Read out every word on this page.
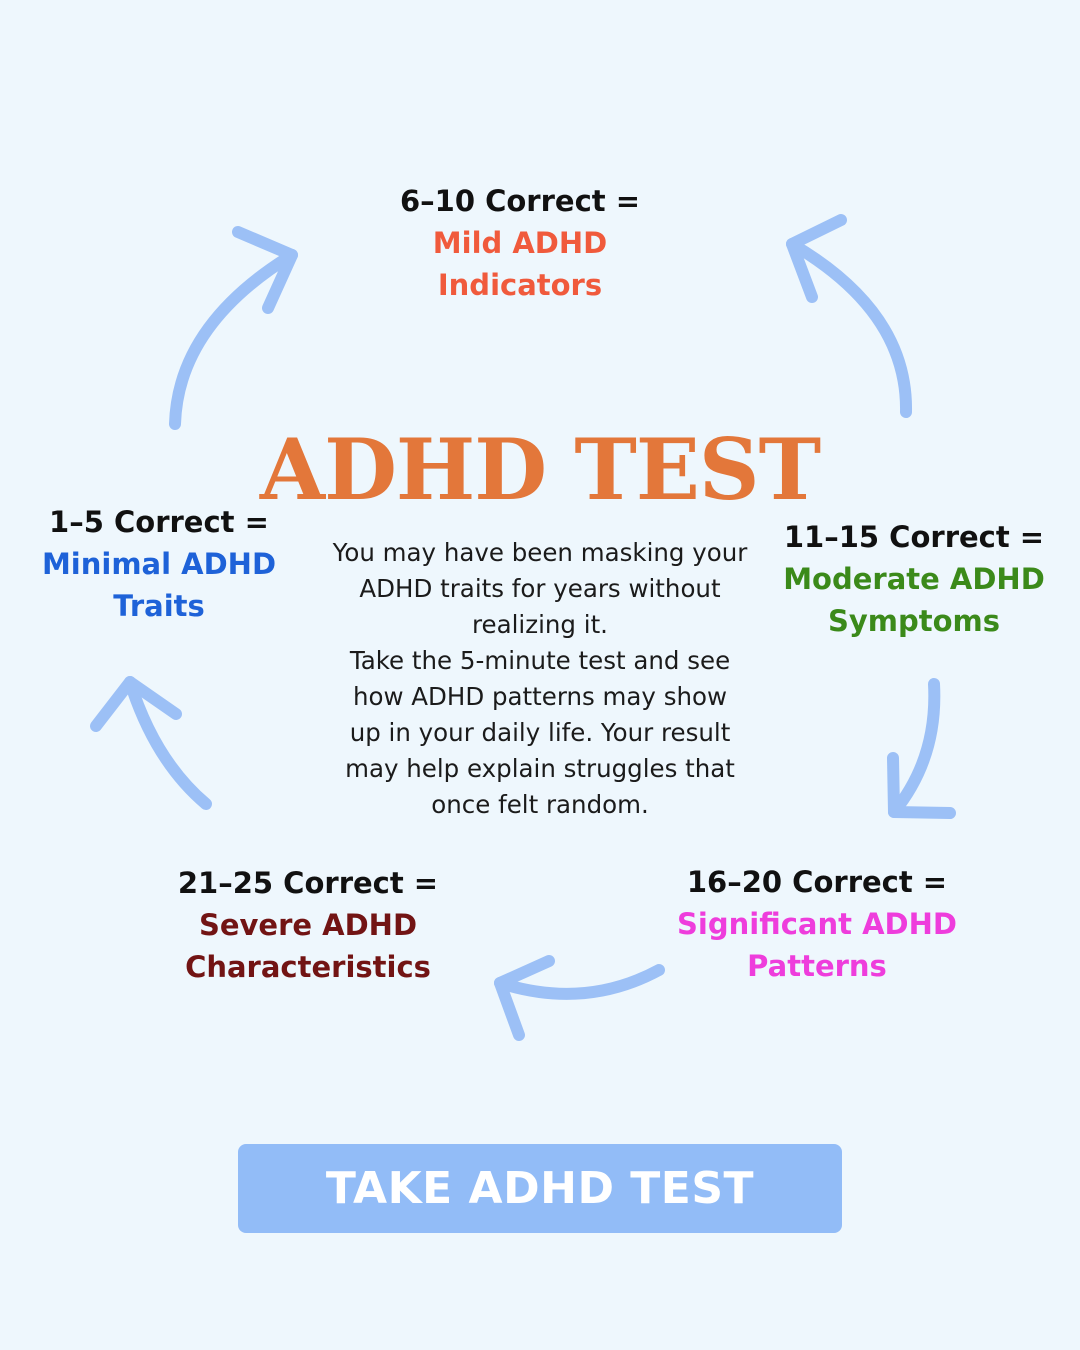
6–10 Correct =
Mild ADHD
Indicators
11–15 Correct =
Moderate ADHD
Symptoms
16–20 Correct =
Significant ADHD
Patterns
21–25 Correct =
Severe ADHD
Characteristics
1–5 Correct =
Minimal ADHD
Traits
ADHD TEST

You may have been masking your
ADHD traits for years without
realizing it.
Take the 5-minute test and see
how ADHD patterns may show
up in your daily life. Your result
may help explain struggles that
once felt random.

TAKE ADHD TEST
